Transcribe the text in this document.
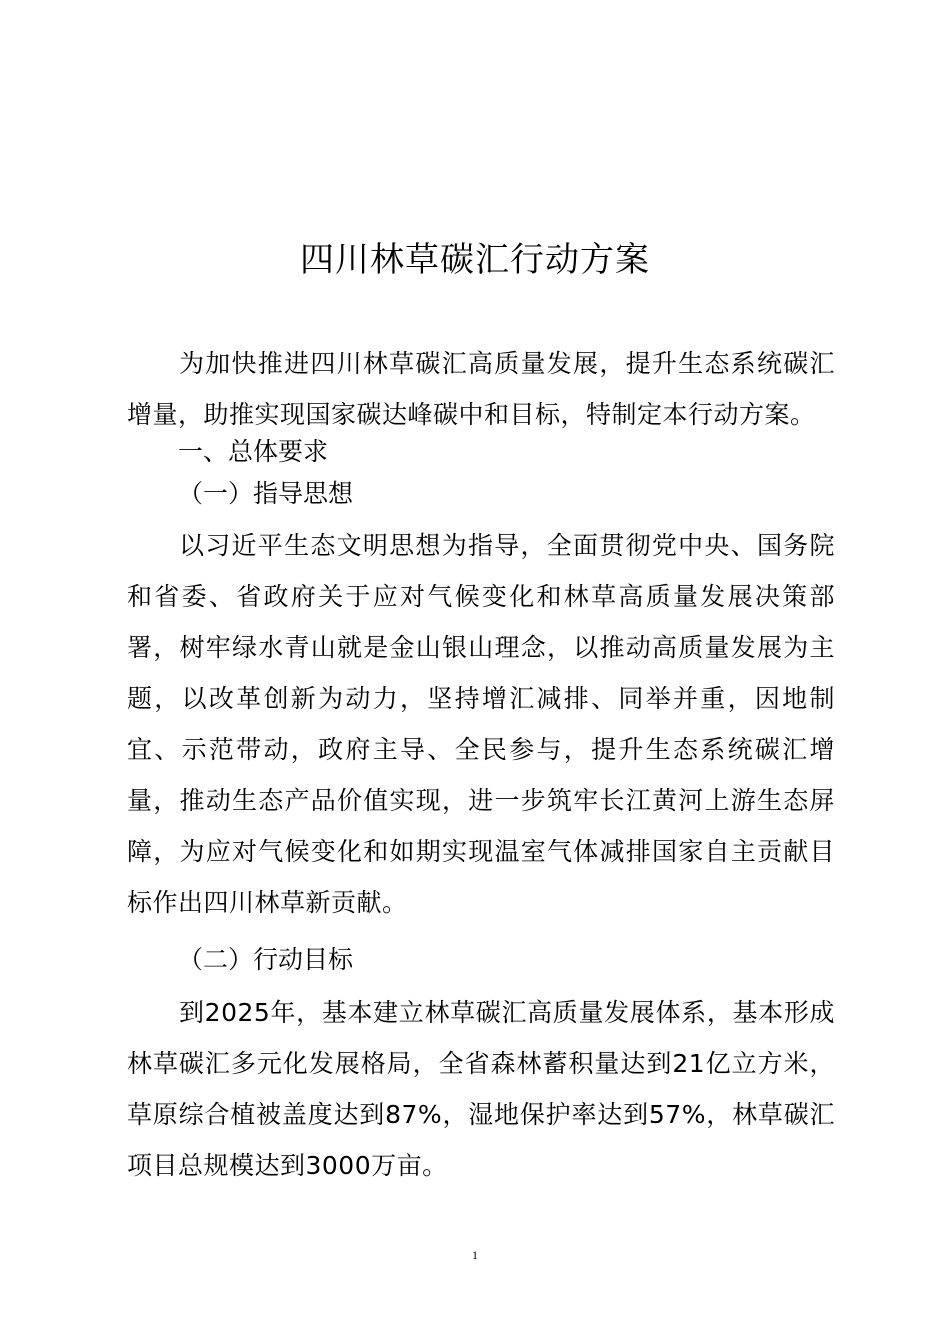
四川林草碳汇行动方案
为加快推进四川林草碳汇高质量发展，提升生态系统碳汇增量，助推实现国家碳达峰碳中和目标，特制定本行动方案。
一、总体要求
（一）指导思想
以习近平生态文明思想为指导，全面贯彻党中央、国务院和省委、省政府关于应对气候变化和林草高质量发展决策部署，树牢绿水青山就是金山银山理念，以推动高质量发展为主题，以改革创新为动力，坚持增汇减排、同举并重，因地制宜、示范带动，政府主导、全民参与，提升生态系统碳汇增量，推动生态产品价值实现，进一步筑牢长江黄河上游生态屏障，为应对气候变化和如期实现温室气体减排国家自主贡献目标作出四川林草新贡献。
（二）行动目标
到2025年，基本建立林草碳汇高质量发展体系，基本形成林草碳汇多元化发展格局，全省森林蓄积量达到21亿立方米，草原综合植被盖度达到87%，湿地保护率达到57%，林草碳汇项目总规模达到3000万亩。
1
